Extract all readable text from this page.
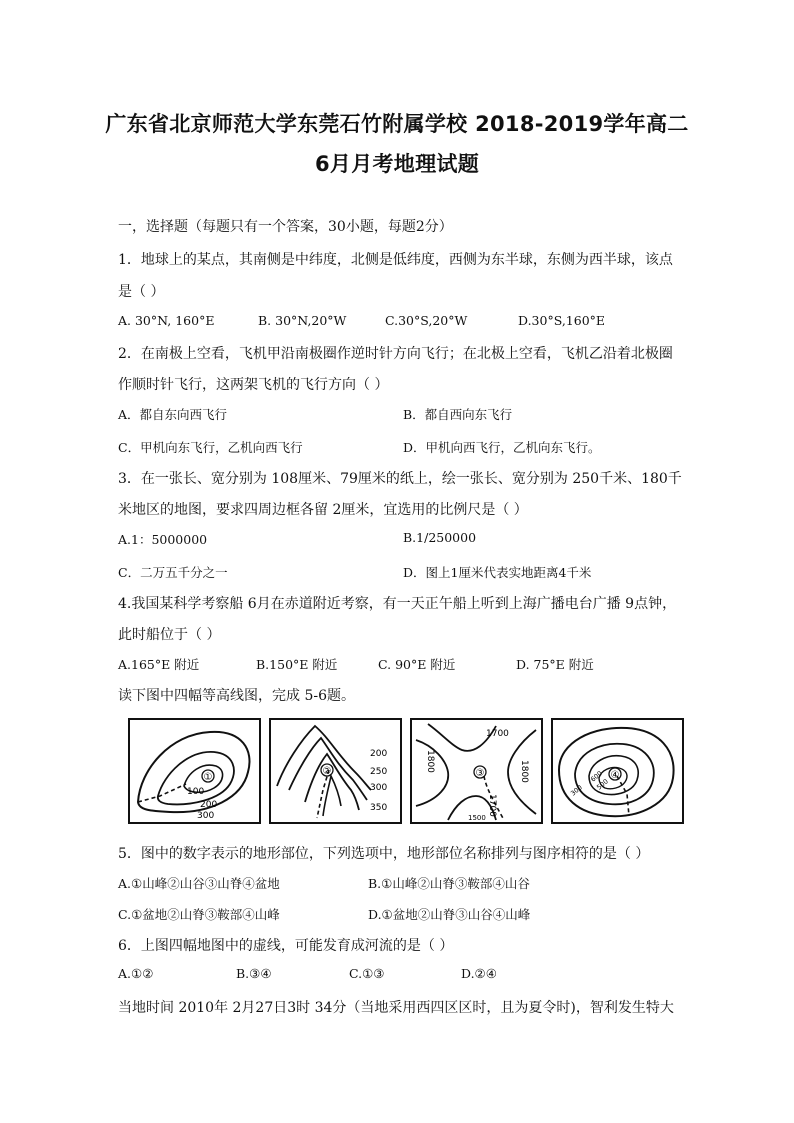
广东省北京师范大学东莞石竹附属学校 2018-2019学年高二
6月月考地理试题
一，选择题（每题只有一个答案，30小题，每题2分）
1．地球上的某点，其南侧是中纬度，北侧是低纬度，西侧为东半球，东侧为西半球，该点
是（ ）
A. 30°N, 160°E	B. 30°N,20°W	C.30°S,20°W	D.30°S,160°E
2．在南极上空看，飞机甲沿南极圈作逆时针方向飞行；在北极上空看，飞机乙沿着北极圈
作顺时针飞行，这两架飞机的飞行方向（ ）
A．都自东向西飞行	B．都自西向东飞行
C．甲机向东飞行，乙机向西飞行	D．甲机向西飞行，乙机向东飞行。
3．在一张长、宽分别为 108厘米、79厘米的纸上，绘一张长、宽分别为 250千米、180千
米地区的地图，要求四周边框各留 2厘米，宜选用的比例尺是（ ）
A.1：5000000	B.1/250000
C．二万五千分之一	D．图上1厘米代表实地距离4千米
4.我国某科学考察船 6月在赤道附近考察，有一天正午船上听到上海广播电台广播 9点钟，
此时船位于（ ）
A.165°E 附近	B.150°E 附近	C. 90°E 附近	D. 75°E 附近
读下图中四幅等高线图，完成 5-6题。
①
100
200
300
②
200
250
300
350
③
1800
1700
1700
1500
1800	④
600
500
300
5．图中的数字表示的地形部位，下列选项中，地形部位名称排列与图序相符的是（ ）
A.①山峰②山谷③山脊④盆地	B.①山峰②山脊③鞍部④山谷
C.①盆地②山脊③鞍部④山峰	D.①盆地②山脊③山谷④山峰
6．上图四幅地图中的虚线，可能发育成河流的是（ ）
A.①②	B.③④	C.①③	D.②④
当地时间 2010年 2月27日3时 34分（当地采用西四区区时，且为夏令时)，智利发生特大
